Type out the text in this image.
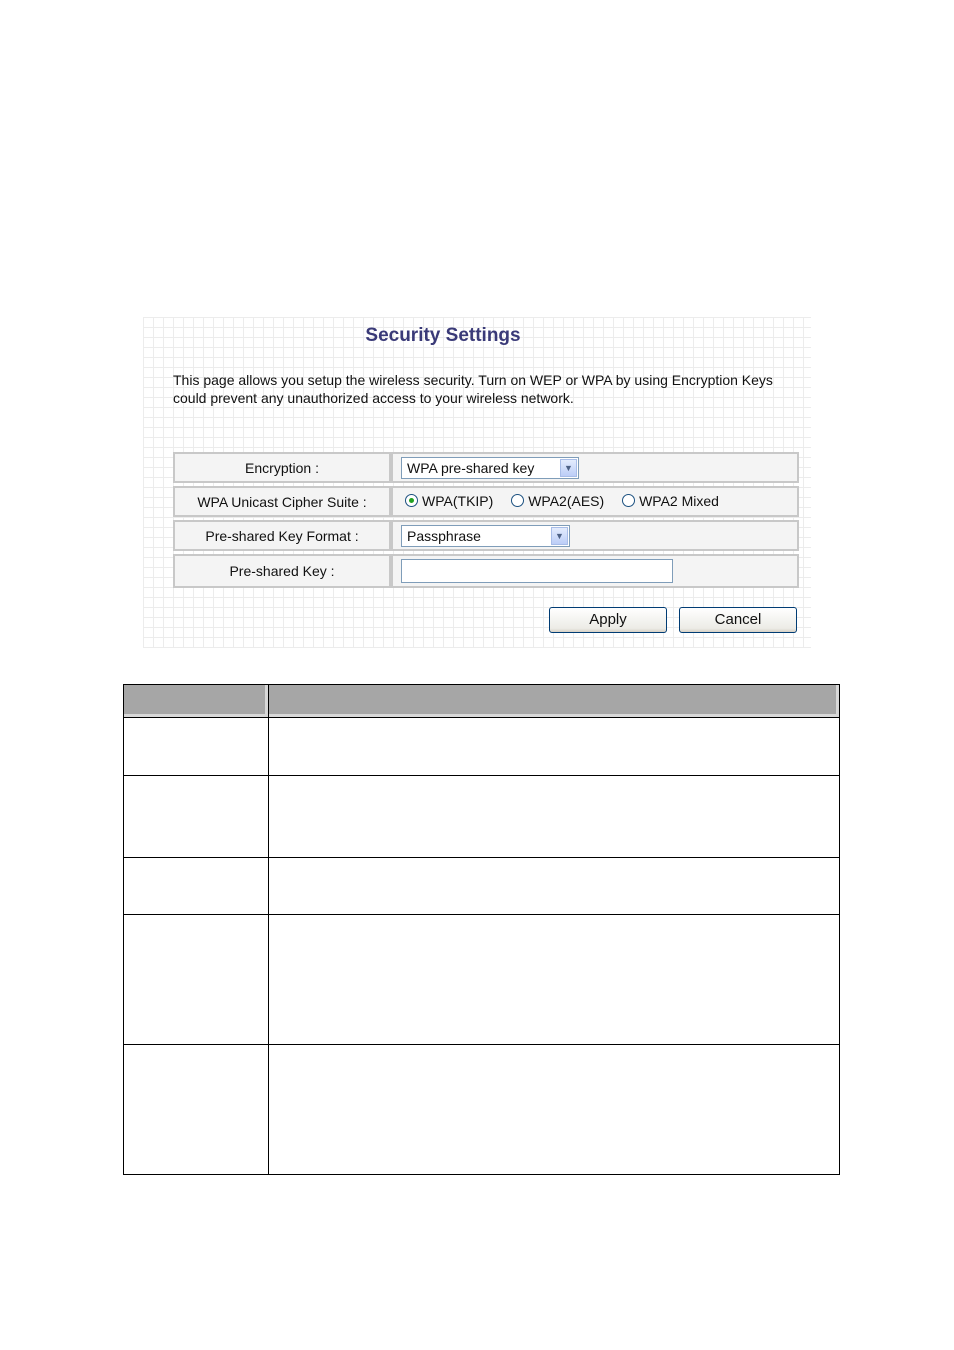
Security Settings
This page allows you setup the wireless security. Turn on WEP or WPA by using Encryption Keys could prevent any unauthorized access to your wireless network.
Encryption :	WPA pre-shared key ▼

WPA Unicast Cipher Suite :	WPA(TKIP)
WPA2(AES)
WPA2 Mixed

Pre-shared Key Format :	Passphrase ▼

Pre-shared Key :	
Apply	Cancel
